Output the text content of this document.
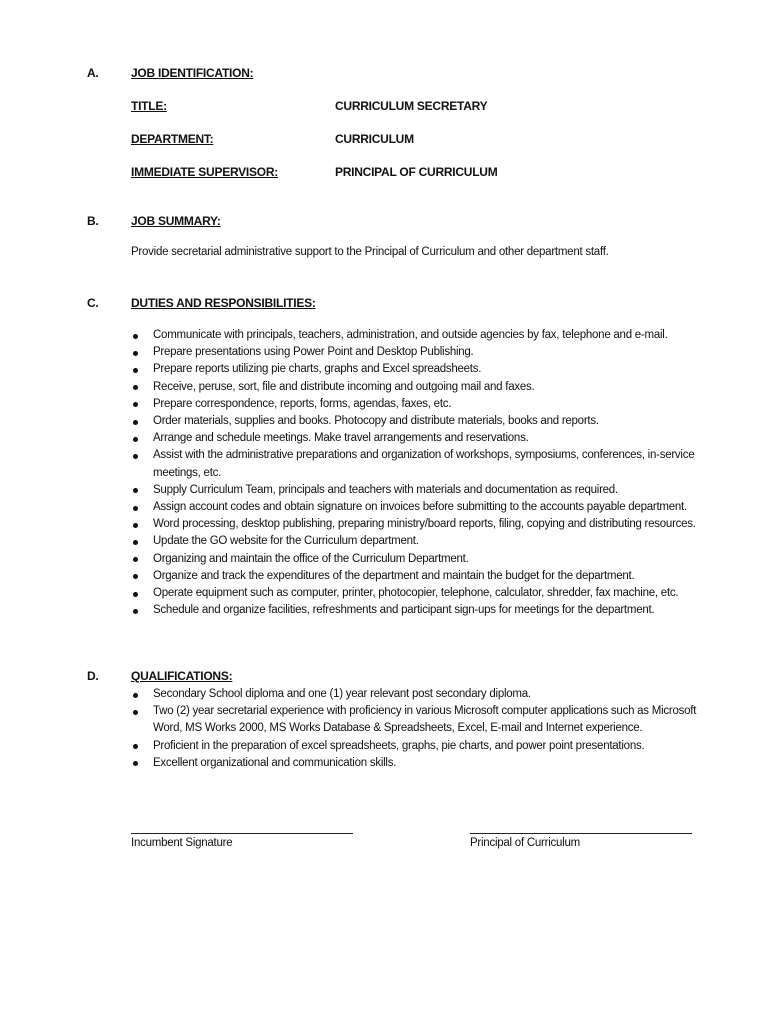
A.	JOB IDENTIFICATION:
TITLE:	CURRICULUM SECRETARY
DEPARTMENT:	CURRICULUM
IMMEDIATE SUPERVISOR:	PRINCIPAL OF CURRICULUM
B.	JOB SUMMARY:
Provide secretarial administrative support to the Principal of Curriculum and other department staff.
C.	DUTIES AND RESPONSIBILITIES:
Communicate with principals, teachers, administration, and outside agencies by fax, telephone and e-mail.
Prepare presentations using Power Point and Desktop Publishing.
Prepare reports utilizing pie charts, graphs and Excel spreadsheets.
Receive, peruse, sort, file and distribute incoming and outgoing mail and faxes.
Prepare correspondence, reports, forms, agendas, faxes, etc.
Order materials, supplies and books. Photocopy and distribute materials, books and reports.
Arrange and schedule meetings. Make travel arrangements and reservations.
Assist with the administrative preparations and organization of workshops, symposiums, conferences, in-service meetings, etc.
Supply Curriculum Team, principals and teachers with materials and documentation as required.
Assign account codes and obtain signature on invoices before submitting to the accounts payable department.
Word processing, desktop publishing, preparing ministry/board reports, filing, copying and distributing resources.
Update the GO website for the Curriculum department.
Organizing and maintain the office of the Curriculum Department.
Organize and track the expenditures of the department and maintain the budget for the department.
Operate equipment such as computer, printer, photocopier, telephone, calculator, shredder, fax machine, etc.
Schedule and organize facilities, refreshments and participant sign-ups for meetings for the department.
D.	QUALIFICATIONS:
Secondary School diploma and one (1) year relevant post secondary diploma.
Two (2) year secretarial experience with proficiency in various Microsoft computer applications such as Microsoft Word, MS Works 2000, MS Works Database & Spreadsheets, Excel, E-mail and Internet experience.
Proficient in the preparation of excel spreadsheets, graphs, pie charts, and power point presentations.
Excellent organizational and communication skills.
Incumbent Signature	Principal of Curriculum
